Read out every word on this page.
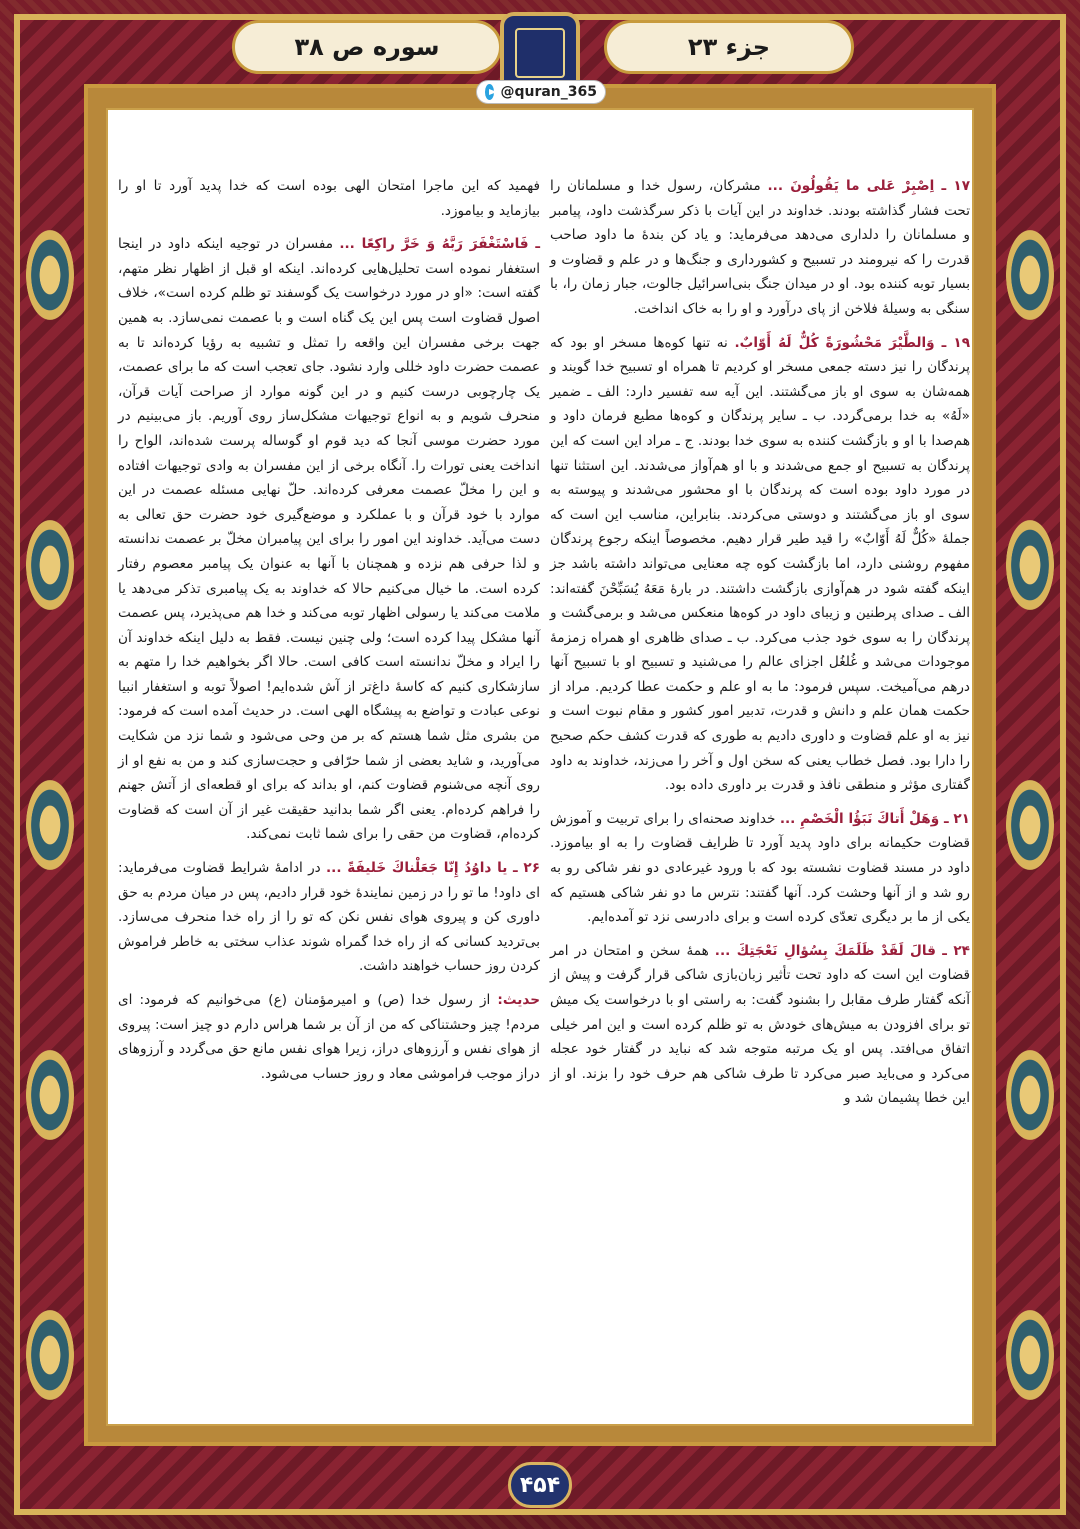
سوره ص ۳۸	جزء ۲۳
@quran_365

۱۷ ـ اِصْبِرْ عَلى ما يَقُولُونَ ... مشركان، رسول خدا و مسلمانان را تحت فشار گذاشته بودند. خداوند در اين آيات با ذكر سرگذشت داود، پيامبر و مسلمانان را دلدارى مى‌دهد مى‌فرمايد: و ياد كن بندهٔ ما داود صاحب قدرت را كه نيرومند در تسبيح و كشوردارى و جنگ‌ها و در علم و قضاوت و بسيار توبه كننده بود. او در ميدان جنگ بنى‌اسرائيل جالوت، جبار زمان را، با سنگى به وسيلهٔ فلاخن از پاى درآورد و او را به خاک انداخت.

۱۹ ـ وَالطَّيْرَ مَحْشُورَةً كُلٌّ لَهُ أَوّابٌ. نه تنها كوه‌ها مسخر او بود كه پرندگان را نيز دسته جمعى مسخر او كرديم تا همراه او تسبيح خدا گويند و همه‌شان به سوى او باز مى‌گشتند. اين آيه سه تفسير دارد: الف ـ ضمير «لَهُ» به خدا برمى‌گردد. ب ـ ساير پرندگان و كوه‌ها مطيع فرمان داود و هم‌صدا با او و بازگشت كننده به سوى خدا بودند. ج ـ مراد اين است كه اين پرندگان به تسبيح او جمع مى‌شدند و با او هم‌آواز مى‌شدند. اين استثنا تنها در مورد داود بوده است كه پرندگان با او محشور مى‌شدند و پيوسته به سوى او باز مى‌گشتند و دوستى مى‌كردند. بنابراين، مناسب اين است كه جملهٔ «كُلٌّ لَهُ أَوّابٌ» را قيد طير قرار دهيم. مخصوصاً اينكه رجوع پرندگان مفهوم روشنى دارد، اما بازگشت كوه چه معنايى مى‌تواند داشته باشد جز اينكه گفته شود در هم‌آوازى بازگشت داشتند. در بارهٔ مَعَهُ يُسَبِّحْنَ گفته‌اند: الف ـ صداى پرطنين و زيباى داود در كوه‌ها منعكس مى‌شد و برمى‌گشت و پرندگان را به سوى خود جذب مى‌كرد. ب ـ صداى ظاهرى او همراه زمزمهٔ موجودات مى‌شد و غُلغُل اجزاى عالم را مى‌شنيد و تسبيح او با تسبيح آنها درهم مى‌آميخت. سپس فرمود: ما به او علم و حكمت عطا كرديم. مراد از حكمت همان علم و دانش و قدرت، تدبير امور كشور و مقام نبوت است و نيز به او علم قضاوت و داورى داديم به طورى كه قدرت كشف حكم صحيح را دارا بود. فصل خطاب يعنى كه سخن اول و آخر را مى‌زند، خداوند به داود گفتارى مؤثر و منطقى نافذ و قدرت بر داورى داده بود.

۲۱ ـ وَهَلْ أَتاكَ نَبَؤُا الْخَصْمِ ... خداوند صحنه‌اى را براى تربيت و آموزش قضاوت حكيمانه براى داود پديد آورد تا ظرايف قضاوت را به او بياموزد. داود در مسند قضاوت نشسته بود كه با ورود غيرعادى دو نفر شاكى رو به رو شد و از آنها وحشت كرد. آنها گفتند: نترس ما دو نفر شاكى هستيم كه يكى از ما بر ديگرى تعدّى كرده است و براى دادرسى نزد تو آمده‌ايم.

۲۴ ـ قالَ لَقَدْ ظَلَمَكَ بِسُؤالِ نَعْجَتِكَ ... همهٔ سخن و امتحان در امر قضاوت اين است كه داود تحت تأثير زبان‌بازى شاكى قرار گرفت و پيش از آنكه گفتار طرف مقابل را بشنود گفت: به راستى او با درخواست يک ميش تو براى افزودن به ميش‌هاى خودش به تو ظلم كرده است و اين امر خيلى اتفاق مى‌افتد. پس او يک مرتبه متوجه شد كه نبايد در گفتار خود عجله مى‌كرد و مى‌بايد صبر مى‌كرد تا طرف شاكى هم حرف خود را بزند. او از اين خطا پشيمان شد و

فهميد كه اين ماجرا امتحان الهى بوده است كه خدا پديد آورد تا او را بيازمايد و بياموزد.

ـ فَاسْتَغْفَرَ رَبَّهُ وَ خَرَّ راكِعًا ... مفسران در توجيه اينكه داود در اينجا استغفار نموده است تحليل‌هايى كرده‌اند. اينكه او قبل از اظهار نظر متهم، گفته است: «او در مورد درخواست يک گوسفند تو ظلم كرده است»، خلاف اصول قضاوت است پس اين يک گناه است و با عصمت نمى‌سازد. به همين جهت برخى مفسران اين واقعه را تمثل و تشبيه به رؤيا كرده‌اند تا به عصمت حضرت داود خللى وارد نشود. جاى تعجب است كه ما براى عصمت، يک چارچوبى درست كنيم و در اين گونه موارد از صراحت آيات قرآن، منحرف شويم و به انواع توجيهات مشكل‌ساز روى آوريم. باز مى‌بينيم در مورد حضرت موسى آنجا كه ديد قوم او گوساله پرست شده‌اند، الواح را انداخت يعنى تورات را. آنگاه برخى از اين مفسران به وادى توجيهات افتاده و اين را مخلّ عصمت معرفى كرده‌اند. حلّ نهايى مسئله عصمت در اين موارد با خود قرآن و با عملكرد و موضع‌گيرى خود حضرت حق تعالى به دست مى‌آيد. خداوند اين امور را براى اين پيامبران مخلّ بر عصمت ندانسته و لذا حرفى هم نزده و همچنان با آنها به عنوان يک پيامبر معصوم رفتار كرده است. ما خيال مى‌كنيم حالا كه خداوند به يک پيامبرى تذكر مى‌دهد يا ملامت مى‌كند يا رسولى اظهار توبه مى‌كند و خدا هم مى‌پذيرد، پس عصمت آنها مشكل پيدا كرده است؛ ولى چنين نيست. فقط به دليل اينكه خداوند آن را ايراد و مخلّ ندانسته است كافى است. حالا اگر بخواهيم خدا را متهم به سازشكارى كنيم كه كاسهٔ داغ‌تر از آش شده‌ايم! اصولاً توبه و استغفار انبيا نوعى عبادت و تواضع به پيشگاه الهى است. در حديث آمده است كه فرمود: من بشرى مثل شما هستم كه بر من وحى مى‌شود و شما نزد من شكايت مى‌آوريد، و شايد بعضى از شما حرّافى و حجت‌سازى كند و من به نفع او از روى آنچه مى‌شنوم قضاوت كنم، او بداند كه براى او قطعه‌اى از آتش جهنم را فراهم كرده‌ام. يعنى اگر شما بدانيد حقيقت غير از آن است كه قضاوت كرده‌ام، قضاوت من حقى را براى شما ثابت نمى‌كند.

۲۶ ـ يا داوُدُ إِنّا جَعَلْناكَ خَليفَةً ... در ادامهٔ شرايط قضاوت مى‌فرمايد: اى داود! ما تو را در زمين نمايندهٔ خود قرار داديم، پس در ميان مردم به حق داورى كن و پيروى هواى نفس نكن كه تو را از راه خدا منحرف مى‌سازد. بى‌ترديد كسانى كه از راه خدا گمراه شوند عذاب سختى به خاطر فراموش كردن روز حساب خواهند داشت.

حديث: از رسول خدا (ص) و اميرمؤمنان (ع) مى‌خوانيم كه فرمود: اى مردم! چيز وحشتناكى كه من از آن بر شما هراس دارم دو چيز است: پيروى از هواى نفس و آرزوهاى دراز، زيرا هواى نفس مانع حق مى‌گردد و آرزوهاى دراز موجب فراموشى معاد و روز حساب مى‌شود.

۴۵۴
